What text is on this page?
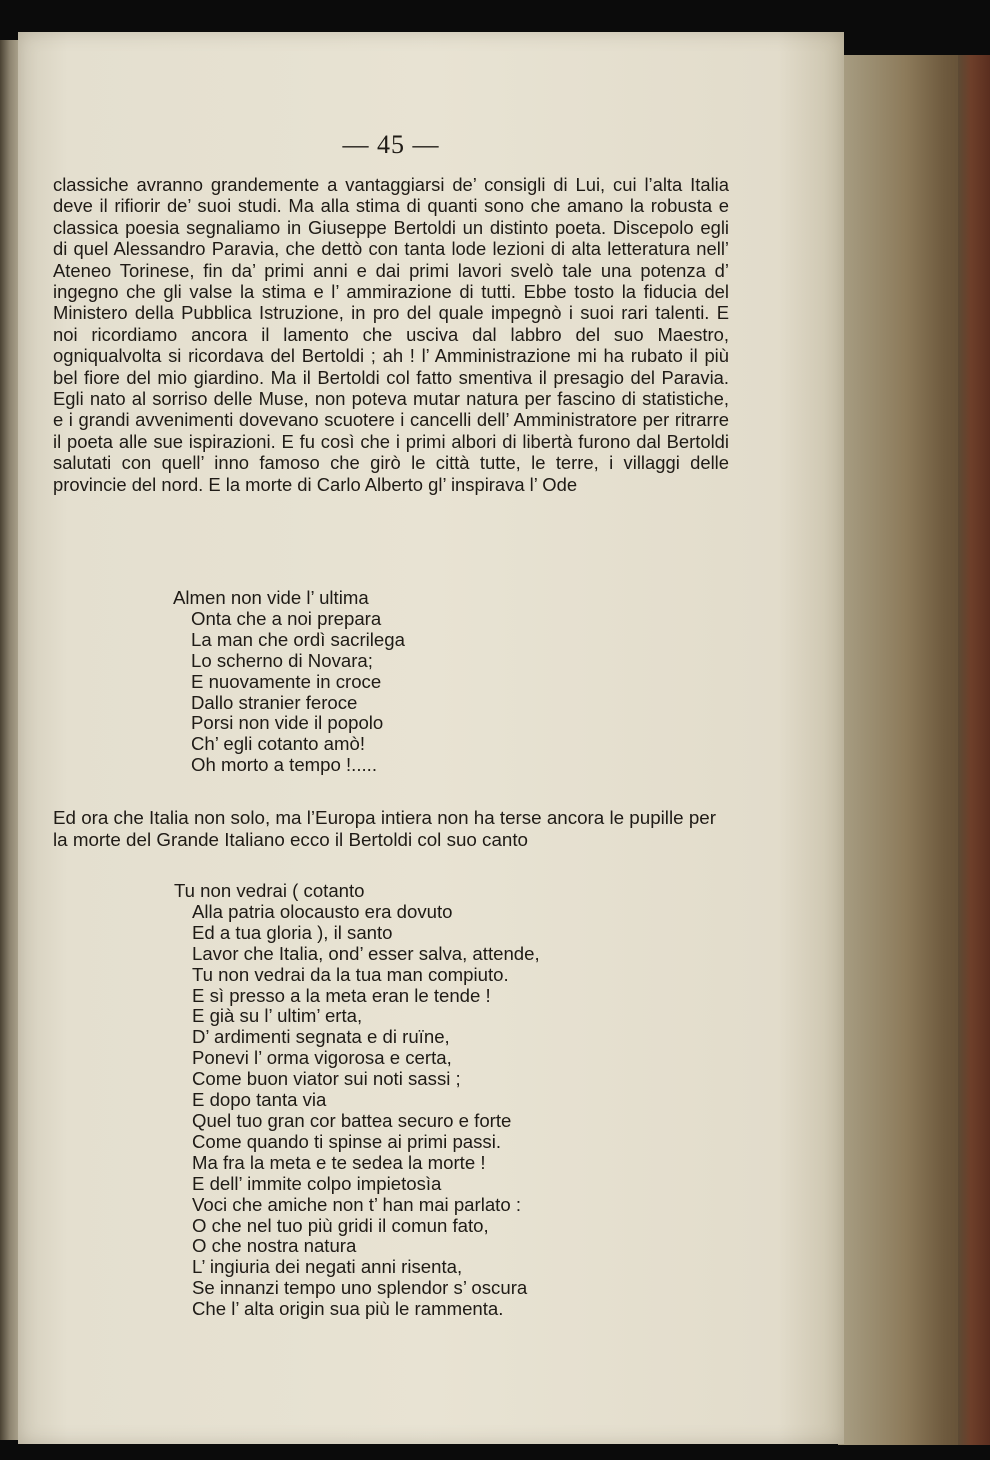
— 45 —

classiche avranno grandemente a vantaggiarsi de’ consigli di Lui, cui l’alta Italia deve il rifiorir de’ suoi studi. Ma alla stima di quanti sono che amano la robusta e classica poesia segnaliamo in Giuseppe Bertoldi un distinto poeta. Discepolo egli di quel Alessandro Paravia, che dettò con tanta lode lezioni di alta letteratura nell’ Ateneo Torinese, fin da’ primi anni e dai primi lavori svelò tale una potenza d’ ingegno che gli valse la stima e l’ ammirazione di tutti. Ebbe tosto la fiducia del Ministero della Pubblica Istruzione, in pro del quale impegnò i suoi rari talenti. E noi ricordiamo ancora il lamento che usciva dal labbro del suo Maestro, ogniqualvolta si ricordava del Bertoldi ; ah ! l’ Amministrazione mi ha rubato il più bel fiore del mio giardino. Ma il Bertoldi col fatto smentiva il presagio del Paravia. Egli nato al sorriso delle Muse, non poteva mutar natura per fascino di statistiche, e i grandi avvenimenti dovevano scuotere i cancelli dell’ Amministratore per ritrarre il poeta alle sue ispirazioni. E fu così che i primi albori di libertà furono dal Bertoldi salutati con quell’ inno famoso che girò le città tutte, le terre, i villaggi delle provincie del nord. E la morte di Carlo Alberto gl’ inspirava l’ Ode

Almen non vide l’ ultima
Onta che a noi prepara
La man che ordì sacrilega
Lo scherno di Novara;
E nuovamente in croce
Dallo stranier feroce
Porsi non vide il popolo
Ch’ egli cotanto amò!
Oh morto a tempo !.....
Ed ora che Italia non solo, ma l’Europa intiera non ha terse ancora le pupille per la morte del Grande Italiano ecco il Bertoldi col suo canto
Tu non vedrai ( cotanto
Alla patria olocausto era dovuto
Ed a tua gloria ), il santo
Lavor che Italia, ond’ esser salva, attende,
Tu non vedrai da la tua man compiuto.
E sì presso a la meta eran le tende !
E già su l’ ultim’ erta,
D’ ardimenti segnata e di ruïne,
Ponevi l’ orma vigorosa e certa,
Come buon viator sui noti sassi ;
E dopo tanta via
Quel tuo gran cor battea securo e forte
Come quando ti spinse ai primi passi.
Ma fra la meta e te sedea la morte !
E dell’ immite colpo impietosìa
Voci che amiche non t’ han mai parlato :
O che nel tuo più gridi il comun fato,
O che nostra natura
L’ ingiuria dei negati anni risenta,
Se innanzi tempo uno splendor s’ oscura
Che l’ alta origin sua più le rammenta.
